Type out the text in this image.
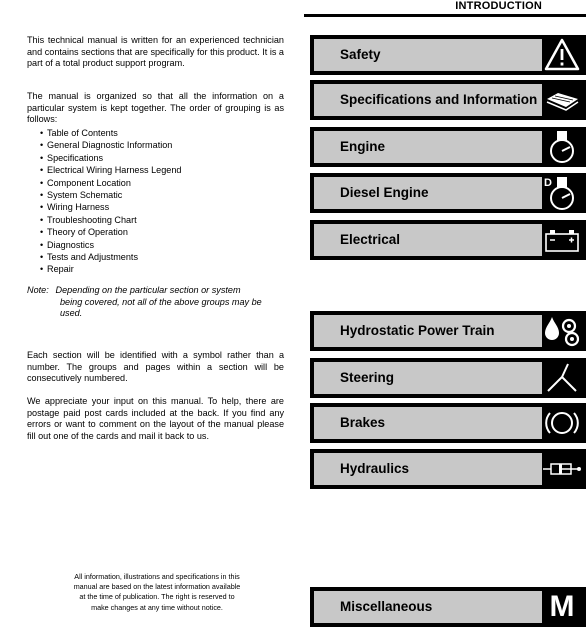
INTRODUCTION

This technical manual is written for an experienced technician and contains sections that are specifically for this product. It is a part of a total product support program.

The manual is organized so that all the information on a particular system is kept together. The order of grouping is as follows:

• Table of Contents
• General Diagnostic Information
• Specifications
• Electrical Wiring Harness Legend
• Component Location
• System Schematic
• Wiring Harness
• Troubleshooting Chart
• Theory of Operation
• Diagnostics
• Tests and Adjustments
• Repair
Note: Depending on the particular section or system
being covered, not all of the above groups may be
used.

Each section will be identified with a symbol rather than a number. The groups and pages within a section will be consecutively numbered.

We appreciate your input on this manual. To help, there are postage paid post cards included at the back. If you find any errors or want to comment on the layout of the manual please fill out one of the cards and mail it back to us.

All information, illustrations and specifications in this manual are based on the latest information available at the time of publication. The right is reserved to make changes at any time without notice.
Safety
Specifications and Information
Engine
Diesel Engine
D
Electrical
Hydrostatic Power Train
Steering
Brakes
Hydraulics
Miscellaneous	M
